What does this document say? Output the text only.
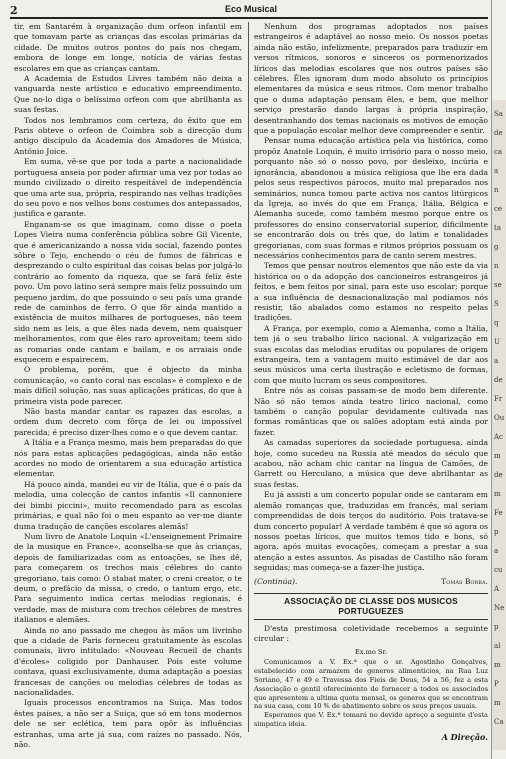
2	Eco Musical

tir, em Santarém à organização dum orfeon infantil em que tomavam parte as crianças das escolas primárias da cidade. De muitos outros pontos do país nos chegam, embora de longe em longe, notícia de várias festas escolares em que as crianças cantam.

A Academia de Estudos Livres também não deixa a vanguarda neste artístico e educativo empreendimento. Que no-lo diga o belíssimo orfeon com que abrilhanta as suas festas.

Todos nos lembramos com certeza, do êxito que em Paris obteve o orfeon de Coimbra sob a direcção dum antigo discípulo da Academia dos Amadores de Música, António Joice.

Em suma, vê-se que por toda a parte a nacionalidade portuguesa anseia por poder afirmar uma vez por todas ao mundo civilizado o direito respeitável de independência que uma arte sua, própria, respirando nas velhas tradições do seu povo e nos velhos bons costumes dos antepassados, justifica e garante.

Enganam-se os que imaginam, como disse o poeta Lopes Vieira numa conferência pública sobre Gil Vicente, que é americanizando a nossa vida social, fazendo pontes sôbre o Tejo, enchendo o céu de fumos de fábricas e desprezando o culto espiritual das coisas belas por julgá-lo contrário ao fomento da riqueza, que se fará feliz êste povo. Um povo latino será sempre mais feliz possuindo um pequeno jardim, do que possuindo o seu país uma grande rede de caminhos de ferro. O que fôr ainda mantido a existência de muitos milhares de portugueses, não teem sido nem as leis, a que êles nada devem, nem quaisquer melhoramentos, com que êles raro aproveitam; teem sido as romarias onde cantam e bailam, e os arraiais onde esquecem e espairecem.

O problema, porém, que é objecto da minha comunicação, «o canto coral nas escolas» é complexo e de mais difícil solução, nas suas aplicações práticas, do que à primeira vista pode parecer.

Não basta mandar cantar os rapazes das escolas, a ordem dum decreto com fôrça de lei ou impossível parecida; é preciso dizer-lhes como e o que devem cantar.

A Itália e a França mesmo, mais bem preparadas do que nós para estas aplicações pedagógicas, ainda não estão acordes no modo de orientarem a sua educação artística elementar.

Há pouco ainda, mandei eu vir de Itália, que é o país da melodia, uma colecção de cantos infantis «Il cannoniere dei bimbi piccini», muito recomendado para as escolas primárias, e qual não foi o meu espanto ao ver-me diante duma tradução de canções escolares alemãs!

Num livro de Anatole Loquin «L'enseignement Primaire de la musique en France», aconselha-se que às crianças, depois de familiarizadas com as entoações, se lhes dê, para começarem os trechos mais célebres do canto gregoriano, tais como: O stabat mater, o creni creator, o te deum, o prefácio da missa, o credo, o tantum ergo, etc. Para seguimento indica certas melodias regionais, é verdade, mas de mistura com trechos célebres de mestres italianos e alemães.

Ainda no ano passado me chegou às mãos um livrinho que a cidade de Paris forneceu gratuitamente às escolas comunais, livro intitulado: «Nouveau Recueil de chants d'écoles» coligido por Danhauser. Pois este volume contava, quasi exclusivamente, duma adaptação a poesias francesas de canções ou melodias célebres de todas as nacionalidades.

Iguais processos encontramos na Suiça. Mas todos êstes países, a não ser a Suiça, que só em tons modernos dele se ser eclética, tem para opôr às influências estranhas, uma arte já sua, com raízes no passado. Nós, não.

Nenhum dos programas adoptados nos países estrangeiros é adaptável ao nosso meio. Os nossos poetas ainda não estão, infelizmente, preparados para traduzir em versos rítmicos, sonoros e sinceros os pormenorizados líricos das melodias escolares que nos outros países são célebres. Êles ignoram dum modo absoluto os princípios elementares da música e seus ritmos. Com menor trabalho que o duma adaptação pensam êles, e bem, que melhor serviço prestarão dando largas à própria inspiração, desentranhando dos temas nacionais os motivos de emoção que a população escolar melhor deve compreender e sentir.

Pensar numa educação artística pela via histórica, como propôz Anatole Loquin, é muito irrisório para o nosso meio, porquanto não só o nosso povo, por desleixo, incúria e ignorância, abandonou a música religiosa que lhe era dada pelos seus respectivos párocos, muito mal preparados nos seminários, nunca tomou parte activa nos cantos litúrgicos da Igreja, ao invés do que em França, Itália, Bélgica e Alemanha sucede, como também mesmo porque entre os professores do ensino conservatorial superior, dificilmente se encontrarão dois ou três que, do latim e tonalidades gregorianas, com suas formas e ritmos próprios possuam os necessários conhecimentos para de canto serem mestres.

Temos que pensar noutros elementos que não este da via histórica ou o da adopção dos cancioneiros estrangeiros já feitos, e bem feitos por sinal, para este uso escolar; porque a sua influência de desnacionalização mal podíamos nós resistir, tão abalados como estamos no respeito pelas tradições.

A França, por exemplo, como a Alemanha, como a Itália, tem já o seu trabalho lírico nacional. A vulgarização em suas escolas das melodias eruditas ou populares de origem estrangeira, tem a vantagem muito estimável de dar aos seus músicos uma certa ilustração e ecletismo de formas, com que muito lucram os seus compositores.

Entre nós as coisas passam-se de modo bem diferente. Não só não temos ainda teatro lírico nacional, como também o canção popular devidamente cultivada nas formas românticas que os salões adoptam está ainda por fazer.

As camadas superiores da sociedade portuguesa, ainda hoje, como sucedeu na Russia até meados do século que acabou, não acham chic cantar na língua de Camões, de Garrett ou Herculano, a música que deve abrilhantar as suas festas.

Eu já assisti a um concerto popular onde se cantaram em alemão romanças que, traduzidas em francês, mal seriam compreendidas de dois terços do auditório. Pois tratava-se dum concerto popular! A verdade também é que só agora os nossos poetas líricos, que muitos temos tido e bons, só agora, após muitas evocações, começam a prestar a sua atenção a estes assuntos. As pisadas de Castilho não foram seguidas; mas começa-se a fazer-lhe justiça.

(Continúa).	Tomás Borba.
ASSOCIAÇÃO DE CLASSE DOS MUSICOS PORTUGUEZES

D'esta prestimosa coletividade recebemos a seguinte circular :

Ex.mo Sr.

Comunicamos a V. Ex.ª que o sr. Agostinho Gonçalves, estabelecido com armazem de generos alimenticios, na Rua Luz Soriano, 47 e 49 e Travessa dos Fieis de Deus, 54 a 56, fez a esta Associação o gentil oferecimento de fornecer a todos os associados que apresentem a ultima quota mensal, os generos que se encontram na sua casa, com 10 % de abatimento sobre os seus preços usuais.

Esperamos que V. Ex.ª tomará no devido apreço a seguinte d'esta simpatica ideia.

A Direção.
Sa
de
ca
a
n
ce
ta
g
n
se
S
q
U
a
de
Fr
Ou
Ac
m
de
m
Fe
p
a
cu
A
Ne
p
al
m
P
m
Ca
